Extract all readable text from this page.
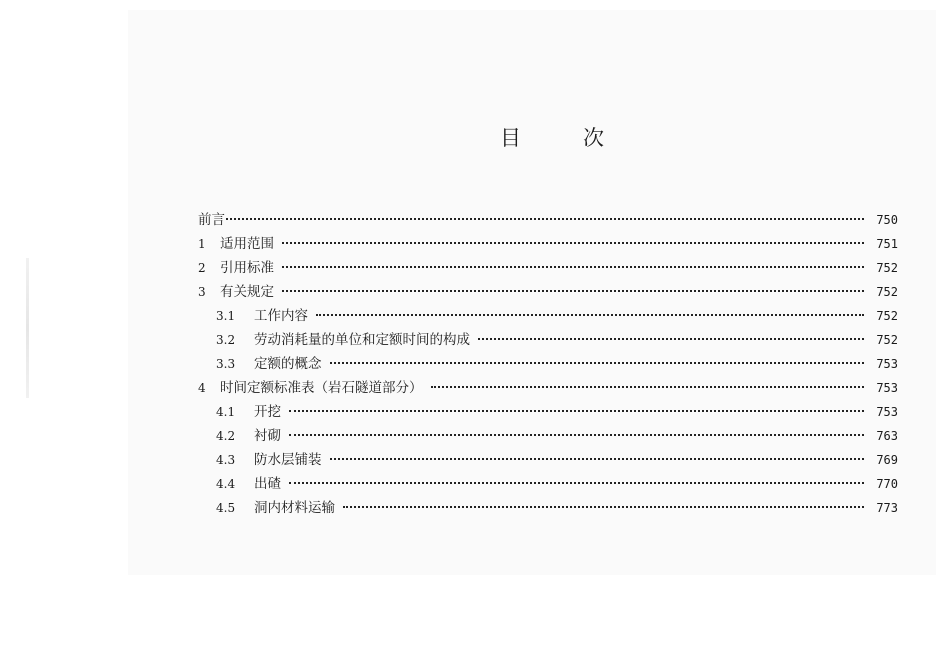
目	次
前言	750
1	适用范围	751
2	引用标准	752
3	有关规定	752
3.1	工作内容	752
3.2	劳动消耗量的单位和定额时间的构成	752
3.3	定额的概念	753
4	时间定额标准表（岩石隧道部分）	753
4.1	开挖	753
4.2	衬砌	763
4.3	防水层铺装	769
4.4	出碴	770
4.5	洞内材料运输	773
